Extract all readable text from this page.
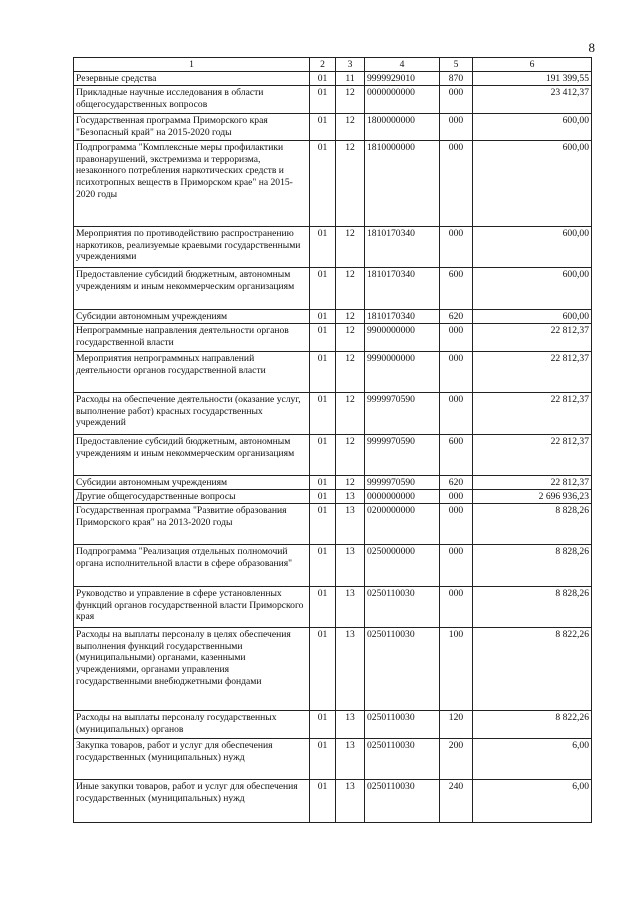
8
1	2	3	4	5	6
Резервные средства	01	11	9999929010	870	191 399,55
Прикладные научные исследования в области общегосударственных вопросов	01	12	0000000000	000	23 412,37
Государственная программа Приморского края "Безопасный край" на 2015-2020 годы	01	12	1800000000	000	600,00
Подпрограмма "Комплексные меры профилактики правонарушений, экстремизма и терроризма, незаконного потребления наркотических средств и психотропных веществ в Приморском крае" на 2015-2020 годы	01	12	1810000000	000	600,00
Мероприятия по противодействию распространению наркотиков, реализуемые краевыми государственными учреждениями	01	12	1810170340	000	600,00
Предоставление субсидий бюджетным, автономным учреждениям и иным некоммерческим организациям	01	12	1810170340	600	600,00
Субсидии автономным учреждениям	01	12	1810170340	620	600,00
Непрограммные направления деятельности органов государственной власти	01	12	9900000000	000	22 812,37
Мероприятия непрограммных направлений деятельности органов государственной власти	01	12	9990000000	000	22 812,37
Расходы на обеспечение деятельности (оказание услуг, выполнение работ) красных государственных учреждений	01	12	9999970590	000	22 812,37
Предоставление субсидий бюджетным, автономным учреждениям и иным некоммерческим организациям	01	12	9999970590	600	22 812,37
Субсидии автономным учреждениям	01	12	9999970590	620	22 812,37
Другие общегосударственные вопросы	01	13	0000000000	000	2 696 936,23
Государственная программа "Развитие образования Приморского края" на 2013-2020 годы	01	13	0200000000	000	8 828,26
Подпрограмма "Реализация отдельных полномочий органа исполнительной власти в сфере образования"	01	13	0250000000	000	8 828,26
Руководство и управление в сфере установленных функций органов государственной власти Приморского края	01	13	0250110030	000	8 828,26
Расходы на выплаты персоналу в целях обеспечения выполнения функций государственными (муниципальными) органами, казенными учреждениями, органами управления государственными внебюджетными фондами	01	13	0250110030	100	8 822,26
Расходы на выплаты персоналу государственных (муниципальных) органов	01	13	0250110030	120	8 822,26
Закупка товаров, работ и услуг для обеспечения государственных (муниципальных) нужд	01	13	0250110030	200	6,00
Иные закупки товаров, работ и услуг для обеспечения государственных (муниципальных) нужд	01	13	0250110030	240	6,00
